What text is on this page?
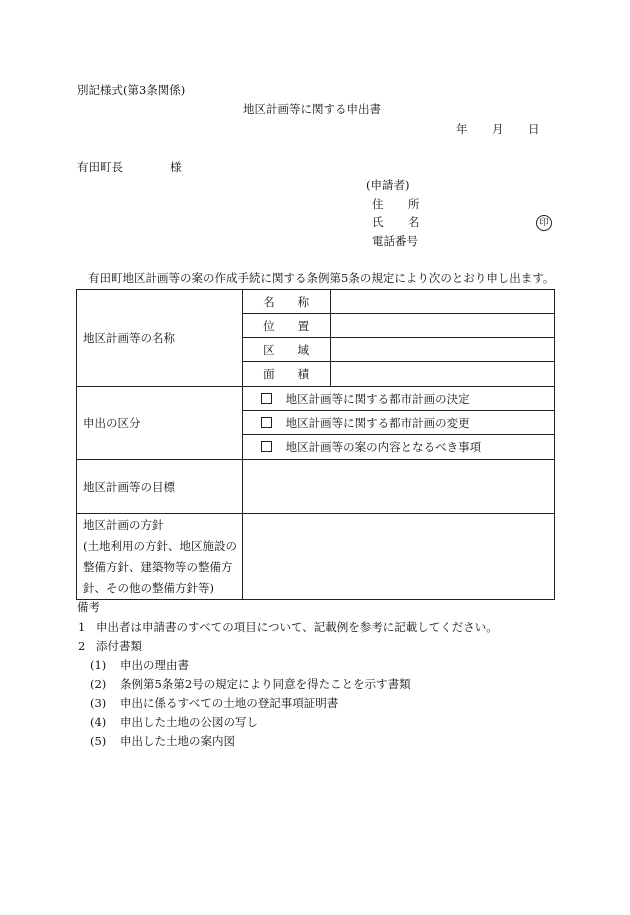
別記様式(第3条関係)
地区計画等に関する申出書
年 月 日
有田町長	様
(申請者)
住 所
氏 名	印
電話番号
有田町地区計画等の案の作成手続に関する条例第5条の規定により次のとおり申し出ます。
地区計画等の名称	名　　 称	
	位　　 置	
	区　　 域	
	面　　 積	
申出の区分	地区計画等に関する都市計画の決定	
	地区計画等に関する都市計画の変更	
	地区計画等の案の内容となるべき事項	
地区計画等の目標		

地区計画の方針
(土地利用の方針、地区施設の
整備方針、建築物等の整備方
針、その他の整備方針等)		

備考
1 申出者は申請書のすべての項目について、記載例を参考に記載してください。
2 添付書類
(1) 申出の理由書
(2) 条例第5条第2号の規定により同意を得たことを示す書類
(3) 申出に係るすべての土地の登記事項証明書
(4) 申出した土地の公図の写し
(5) 申出した土地の案内図
